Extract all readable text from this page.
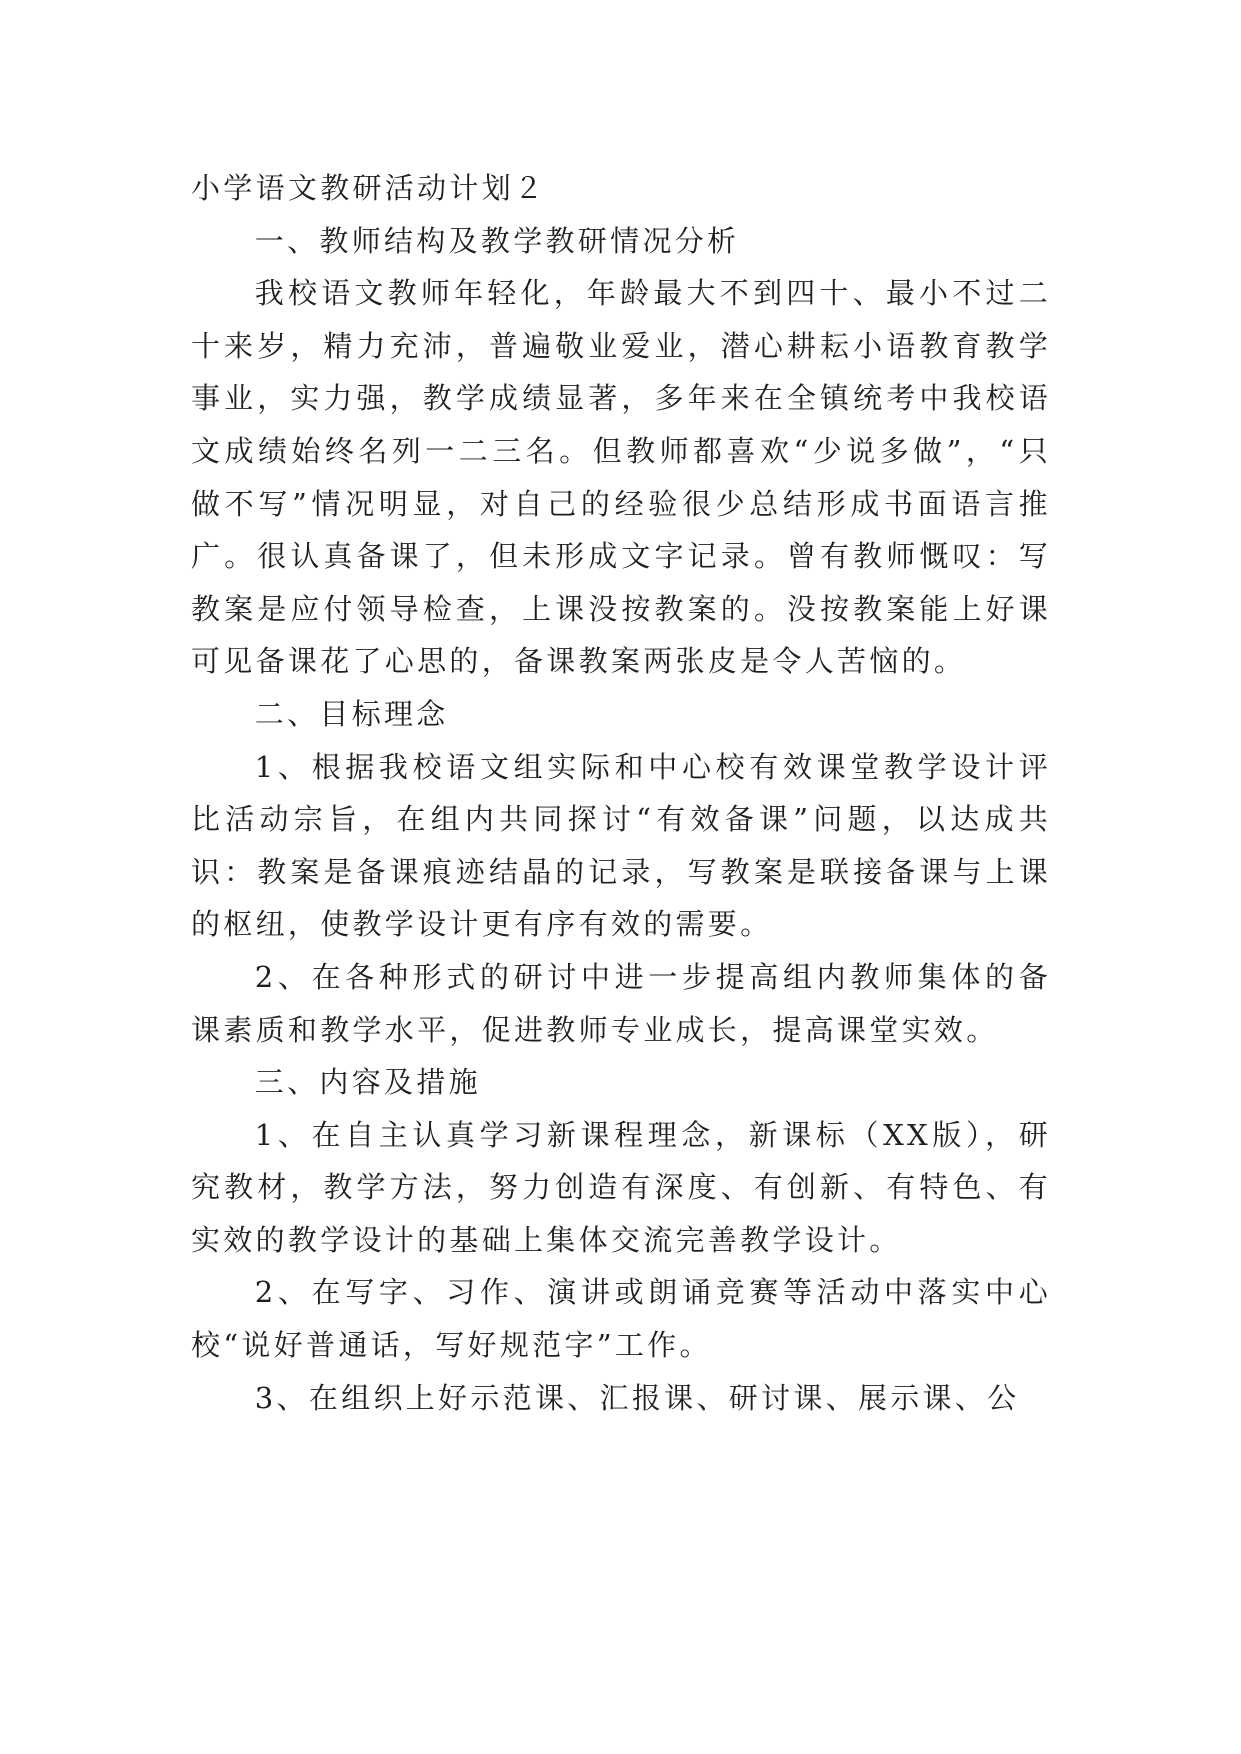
小学语文教研活动计划２

一、教师结构及教学教研情况分析

我校语文教师年轻化，年龄最大不到四十、最小不过二十来岁，精力充沛，普遍敬业爱业，潜心耕耘小语教育教学事业，实力强，教学成绩显著，多年来在全镇统考中我校语文成绩始终名列一二三名。但教师都喜欢“少说多做”，“只做不写”情况明显，对自己的经验很少总结形成书面语言推广。很认真备课了，但未形成文字记录。曾有教师慨叹：写教案是应付领导检查，上课没按教案的。没按教案能上好课可见备课花了心思的，备课教案两张皮是令人苦恼的。

二、目标理念

1、根据我校语文组实际和中心校有效课堂教学设计评比活动宗旨，在组内共同探讨“有效备课”问题，以达成共识：教案是备课痕迹结晶的记录，写教案是联接备课与上课的枢纽，使教学设计更有序有效的需要。

2、在各种形式的研讨中进一步提高组内教师集体的备课素质和教学水平，促进教师专业成长，提高课堂实效。

三、内容及措施

1、在自主认真学习新课程理念，新课标（XX版），研究教材，教学方法，努力创造有深度、有创新、有特色、有实效的教学设计的基础上集体交流完善教学设计。

2、在写字、习作、演讲或朗诵竞赛等活动中落实中心校“说好普通话，写好规范字”工作。

3、在组织上好示范课、汇报课、研讨课、展示课、公
